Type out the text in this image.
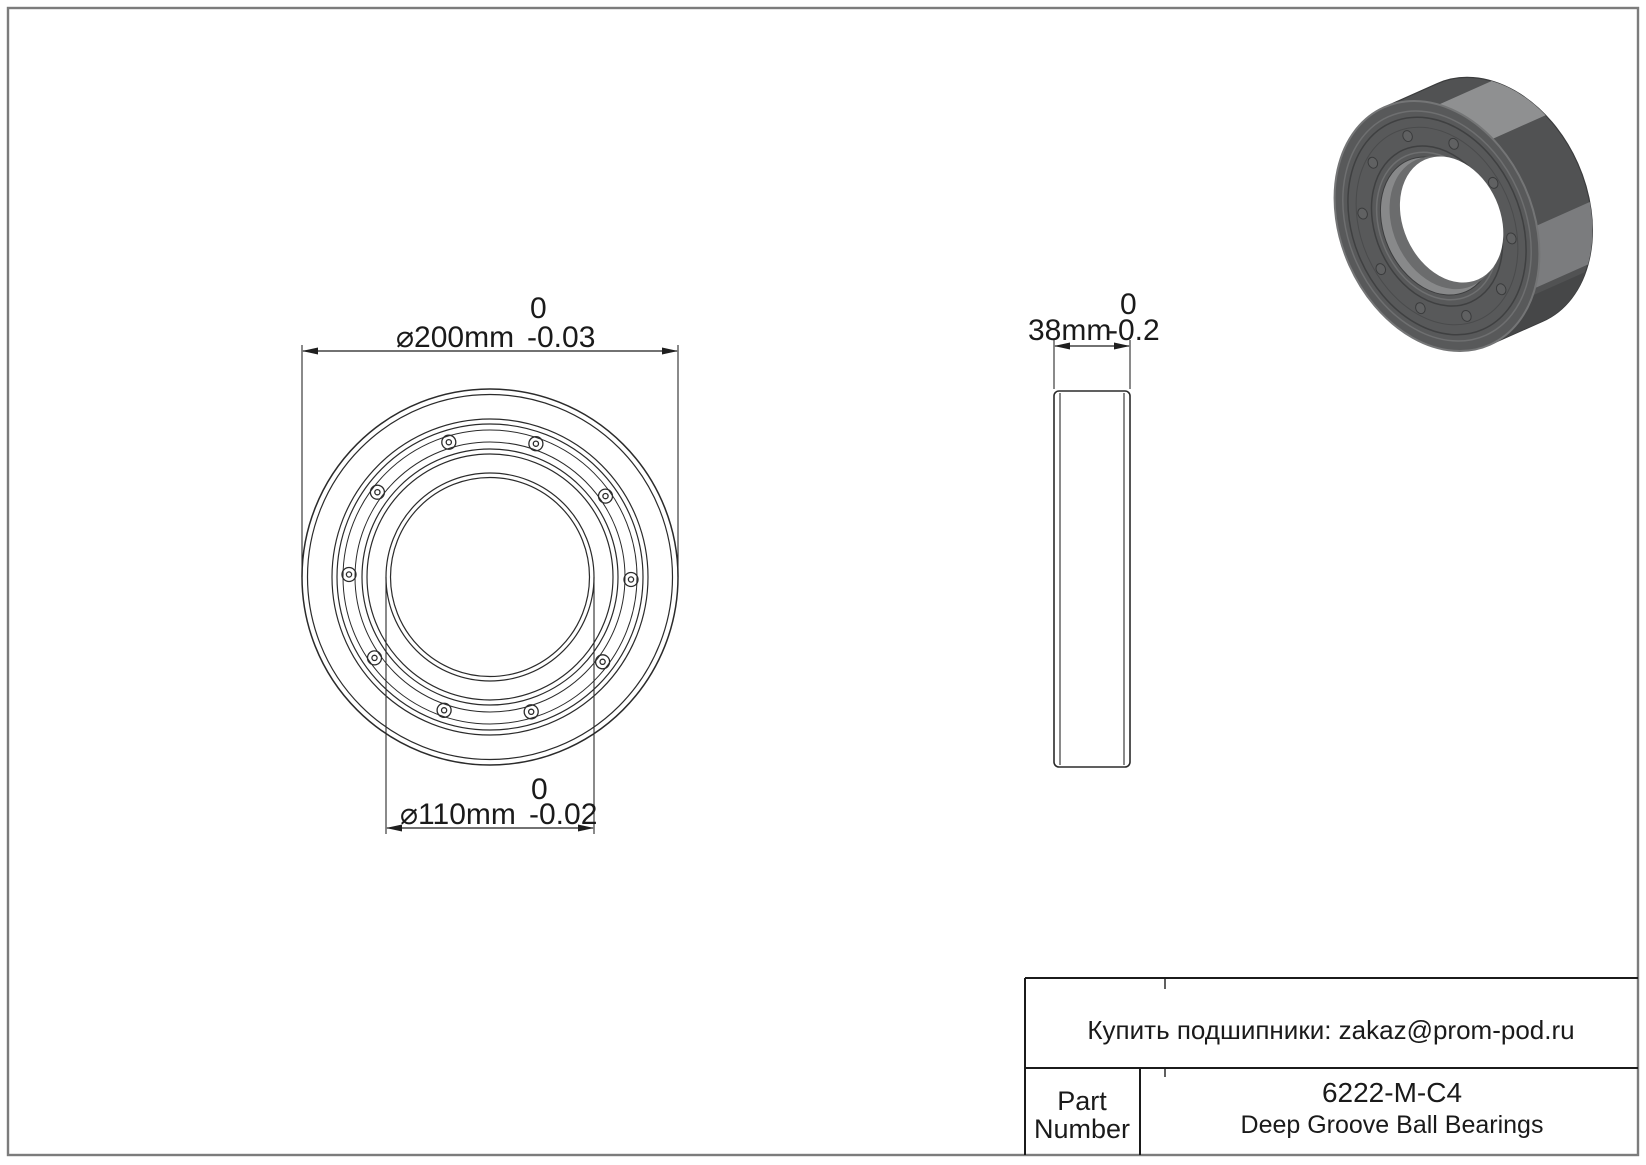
⌀200mm
0
-0.03
⌀110mm
0
-0.02
38mm
0
-0.2
Купить подшипники: zakaz@prom-pod.ru
Part
Number
6222-M-C4
Deep Groove Ball Bearings
